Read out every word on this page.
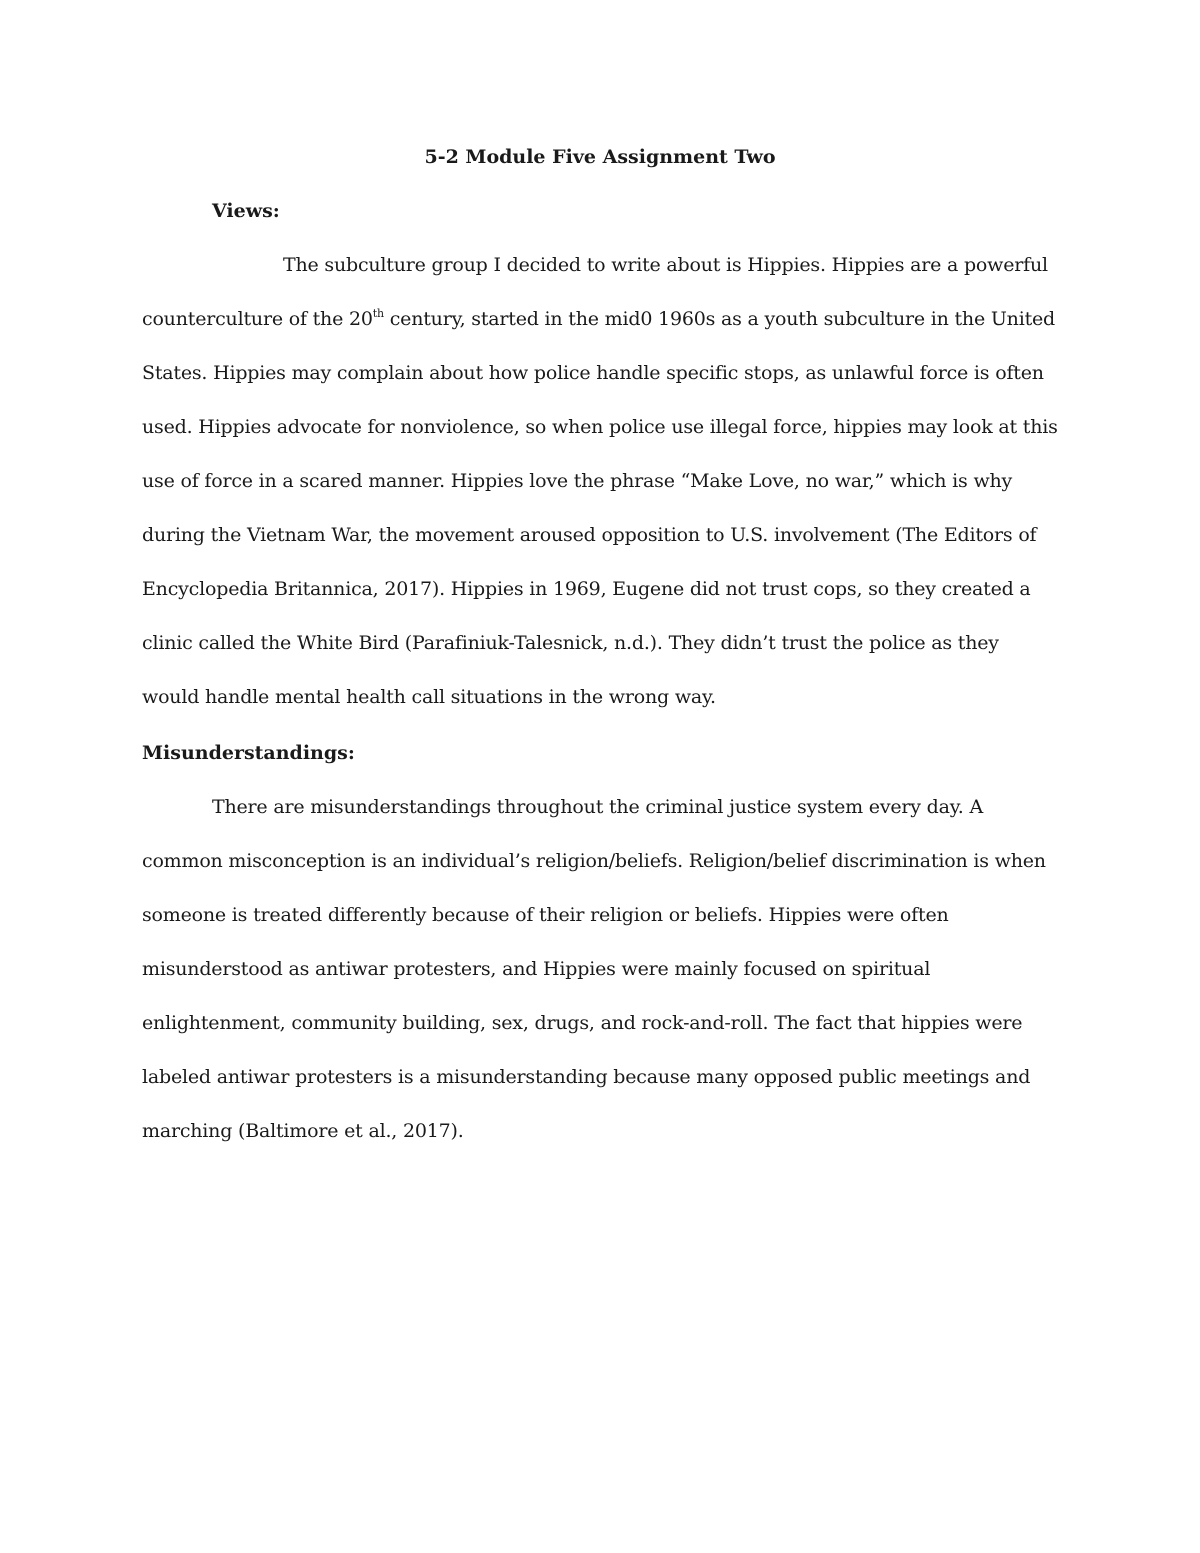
5-2 Module Five Assignment Two
Views:

The subculture group I decided to write about is Hippies. Hippies are a powerful

counterculture of the 20th century, started in the mid0 1960s as a youth subculture in the United

States. Hippies may complain about how police handle specific stops, as unlawful force is often

used. Hippies advocate for nonviolence, so when police use illegal force, hippies may look at this

use of force in a scared manner. Hippies love the phrase “Make Love, no war,” which is why

during the Vietnam War, the movement aroused opposition to U.S. involvement (The Editors of

Encyclopedia Britannica, 2017). Hippies in 1969, Eugene did not trust cops, so they created a

clinic called the White Bird (Parafiniuk-Talesnick, n.d.). They didn’t trust the police as they

would handle mental health call situations in the wrong way.

Misunderstandings:

There are misunderstandings throughout the criminal justice system every day. A

common misconception is an individual’s religion/beliefs. Religion/belief discrimination is when

someone is treated differently because of their religion or beliefs. Hippies were often

misunderstood as antiwar protesters, and Hippies were mainly focused on spiritual

enlightenment, community building, sex, drugs, and rock-and-roll. The fact that hippies were

labeled antiwar protesters is a misunderstanding because many opposed public meetings and

marching (Baltimore et al., 2017).
